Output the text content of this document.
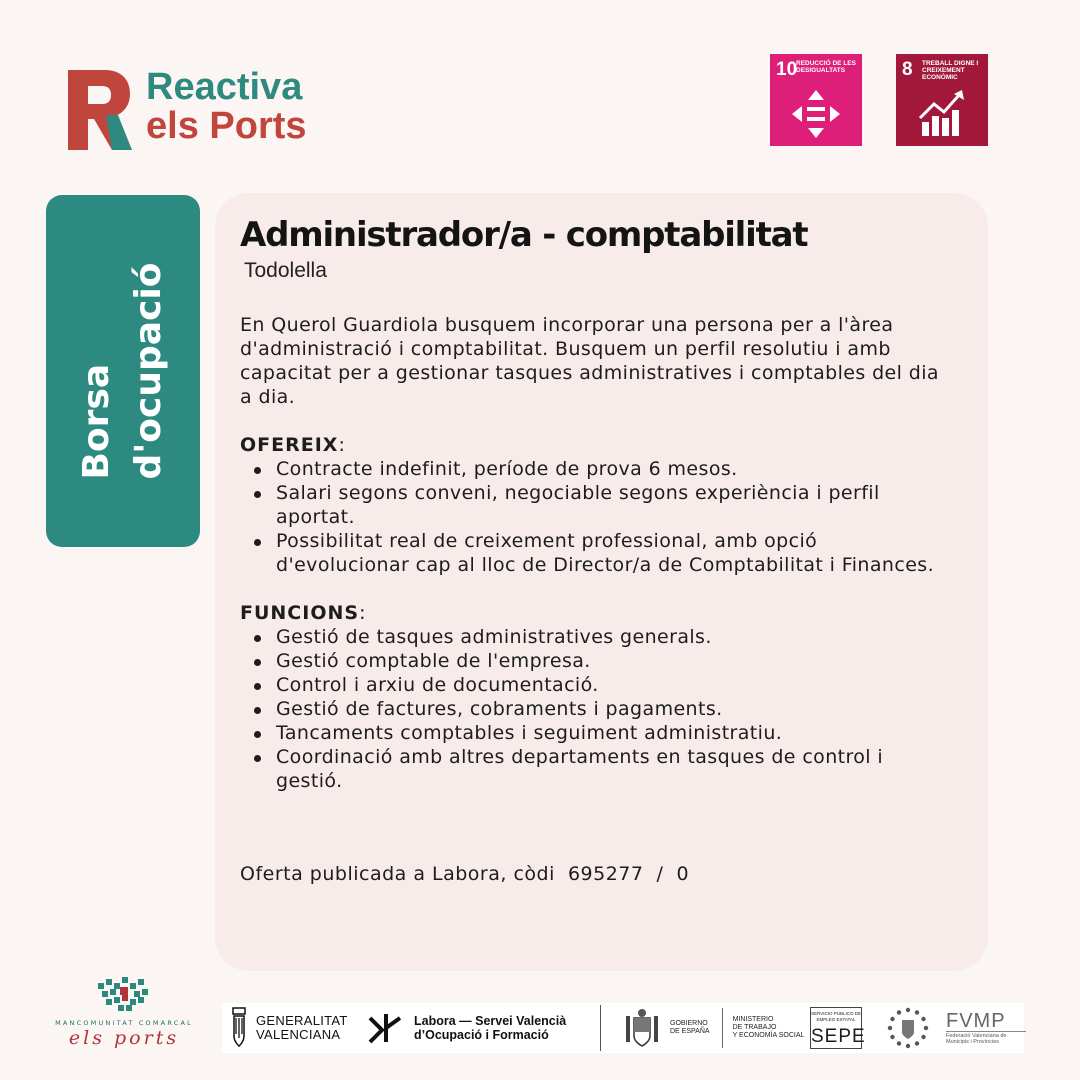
Reactiva
els Ports
10
REDUCCIÓ DE LES DESIGUALTATS	8 TREBALL DIGNE I CREIXEMENT ECONÒMIC
Borsa d'ocupació
Administrador/a - comptabilitat
Todolella

En Querol Guardiola busquem incorporar una persona per a l'àrea d'administració i comptabilitat. Busquem un perfil resolutiu i amb capacitat per a gestionar tasques administratives i comptables del dia a dia.

OFEREIX:
Contracte indefinit, període de prova 6 mesos.
Salari segons conveni, negociable segons experiència i perfil aportat.
Possibilitat real de creixement professional, amb opció d'evolucionar cap al lloc de Director/a de Comptabilitat i Finances.
FUNCIONS:
Gestió de tasques administratives generals.
Gestió comptable de l'empresa.
Control i arxiu de documentació.
Gestió de factures, cobraments i pagaments.
Tancaments comptables i seguiment administratiu.
Coordinació amb altres departaments en tasques de control i gestió.
Oferta publicada a Labora, còdi  695277  /  0
MANCOMUNITAT COMARCAL
els ports
GENERALITAT
VALENCIANA
Labora — Servei Valencià
d’Ocupació i Formació
GOBIERNO
DE ESPAÑA
MINISTERIO
DE TRABAJO
Y ECONOMÍA SOCIAL
SERVICIO PÚBLICO DE EMPLEO ESTATAL
SEPE
FVMP
Federació Valenciana de Municipis i Províncies
